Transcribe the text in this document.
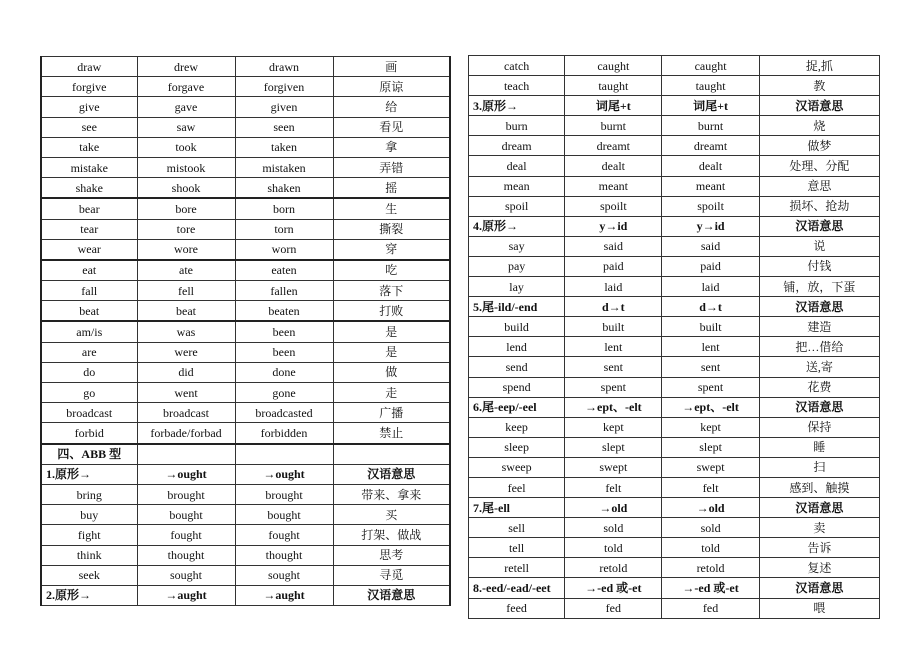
draw	drew	drawn	画
forgive	forgave	forgiven	原谅
give	gave	given	给
see	saw	seen	看见
take	took	taken	拿
mistake	mistook	mistaken	弄错
shake	shook	shaken	摇
bear	bore	born	生
tear	tore	torn	撕裂
wear	wore	worn	穿
eat	ate	eaten	吃
fall	fell	fallen	落下
beat	beat	beaten	打败
am/is	was	been	是
are	were	been	是
do	did	done	做
go	went	gone	走
broadcast	broadcast	broadcasted	广播
forbid	forbade/forbad	forbidden	禁止
四、ABB 型			
1.原形→	→ought	→ought	汉语意思
bring	brought	brought	带来、拿来
buy	bought	bought	买
fight	fought	fought	打架、做战
think	thought	thought	思考
seek	sought	sought	寻觅
2.原形→	→aught	→aught	汉语意思
catch	caught	caught	捉,抓
teach	taught	taught	教
3.原形→	词尾+t	词尾+t	汉语意思
burn	burnt	burnt	烧
dream	dreamt	dreamt	做梦
deal	dealt	dealt	处理、分配
mean	meant	meant	意思
spoil	spoilt	spoilt	损坏、抢劫
4.原形→	y→id	y→id	汉语意思
say	said	said	说
pay	paid	paid	付钱
lay	laid	laid	铺，放，下蛋
5.尾-ild/-end	d→t	d→t	汉语意思
build	built	built	建造
lend	lent	lent	把…借给
send	sent	sent	送,寄
spend	spent	spent	花费
6.尾-eep/-eel	→ept、-elt	→ept、-elt	汉语意思
keep	kept	kept	保持
sleep	slept	slept	睡
sweep	swept	swept	扫
feel	felt	felt	感到、触摸
7.尾-ell	→old	→old	汉语意思
sell	sold	sold	卖
tell	told	told	告诉
retell	retold	retold	复述
8.-eed/-ead/-eet	→-ed 或-et	→-ed 或-et	汉语意思
feed	fed	fed	喂
